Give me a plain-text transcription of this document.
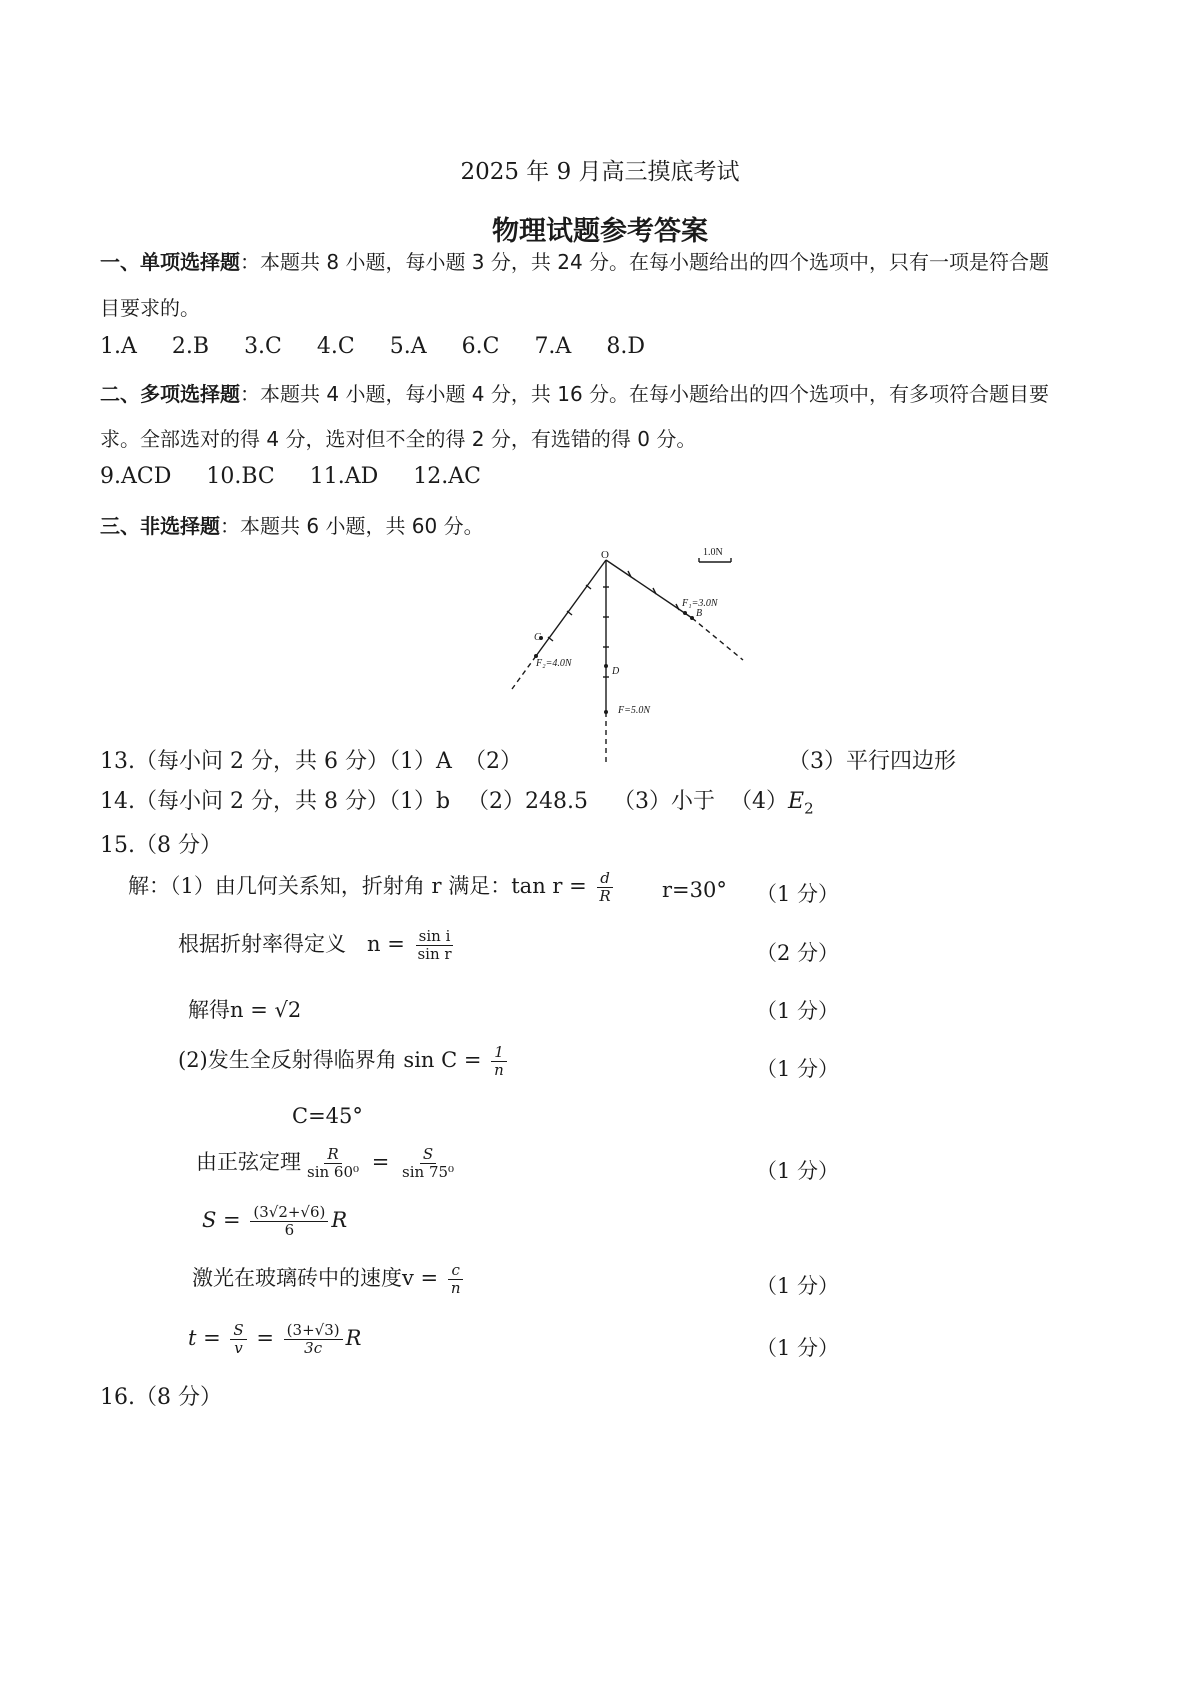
2025 年 9 月高三摸底考试
物理试题参考答案
一、单项选择题：本题共 8 小题，每小题 3 分，共 24 分。在每小题给出的四个选项中，只有一项是符合题
目要求的。
1.A 2.B 3.C 4.C 5.A 6.C 7.A 8.D
二、多项选择题：本题共 4 小题，每小题 4 分，共 16 分。在每小题给出的四个选项中，有多项符合题目要
求。全部选对的得 4 分，选对但不全的得 2 分，有选错的得 0 分。
9.ACD 10.BC 11.AD 12.AC
三、非选择题：本题共 6 小题，共 60 分。
O	1.0N
F₁=3.0N
B
C
F₂=4.0N
D
F=5.0N
13.（每小问 2 分，共 6 分）（1）A （2）	（3）平行四边形
14.（每小问 2 分，共 8 分）（1）b （2）248.5 （3）小于 $(4)E_2$
15.（8 分）
解：（1）由几何关系知，折射角 r 满足：$\tan r = \frac{d}{R} r=30^\circ$ （1 分）
根据折射率得定义　$n = \frac{\text{sin i}}{\text{sin r}}$	（2 分）
解得n = √2	（1 分）
(2)发生全反射得临界角 $\sin C = \frac{1}{n}$	（1 分）
C=45°
由正弦定理 $\frac{R}{\text{sin 60⁰}} = \frac{S}{\text{sin 75⁰}}$	（1 分）
$S = \frac{(3√2+√6)}{6}$ R
激光在玻璃砖中的速度$v = \frac{c}{n}$	（1 分）
$t = \frac{S}{v} = \frac{(3+√3)}{3c}$ R	（1 分）
16.（8 分）
